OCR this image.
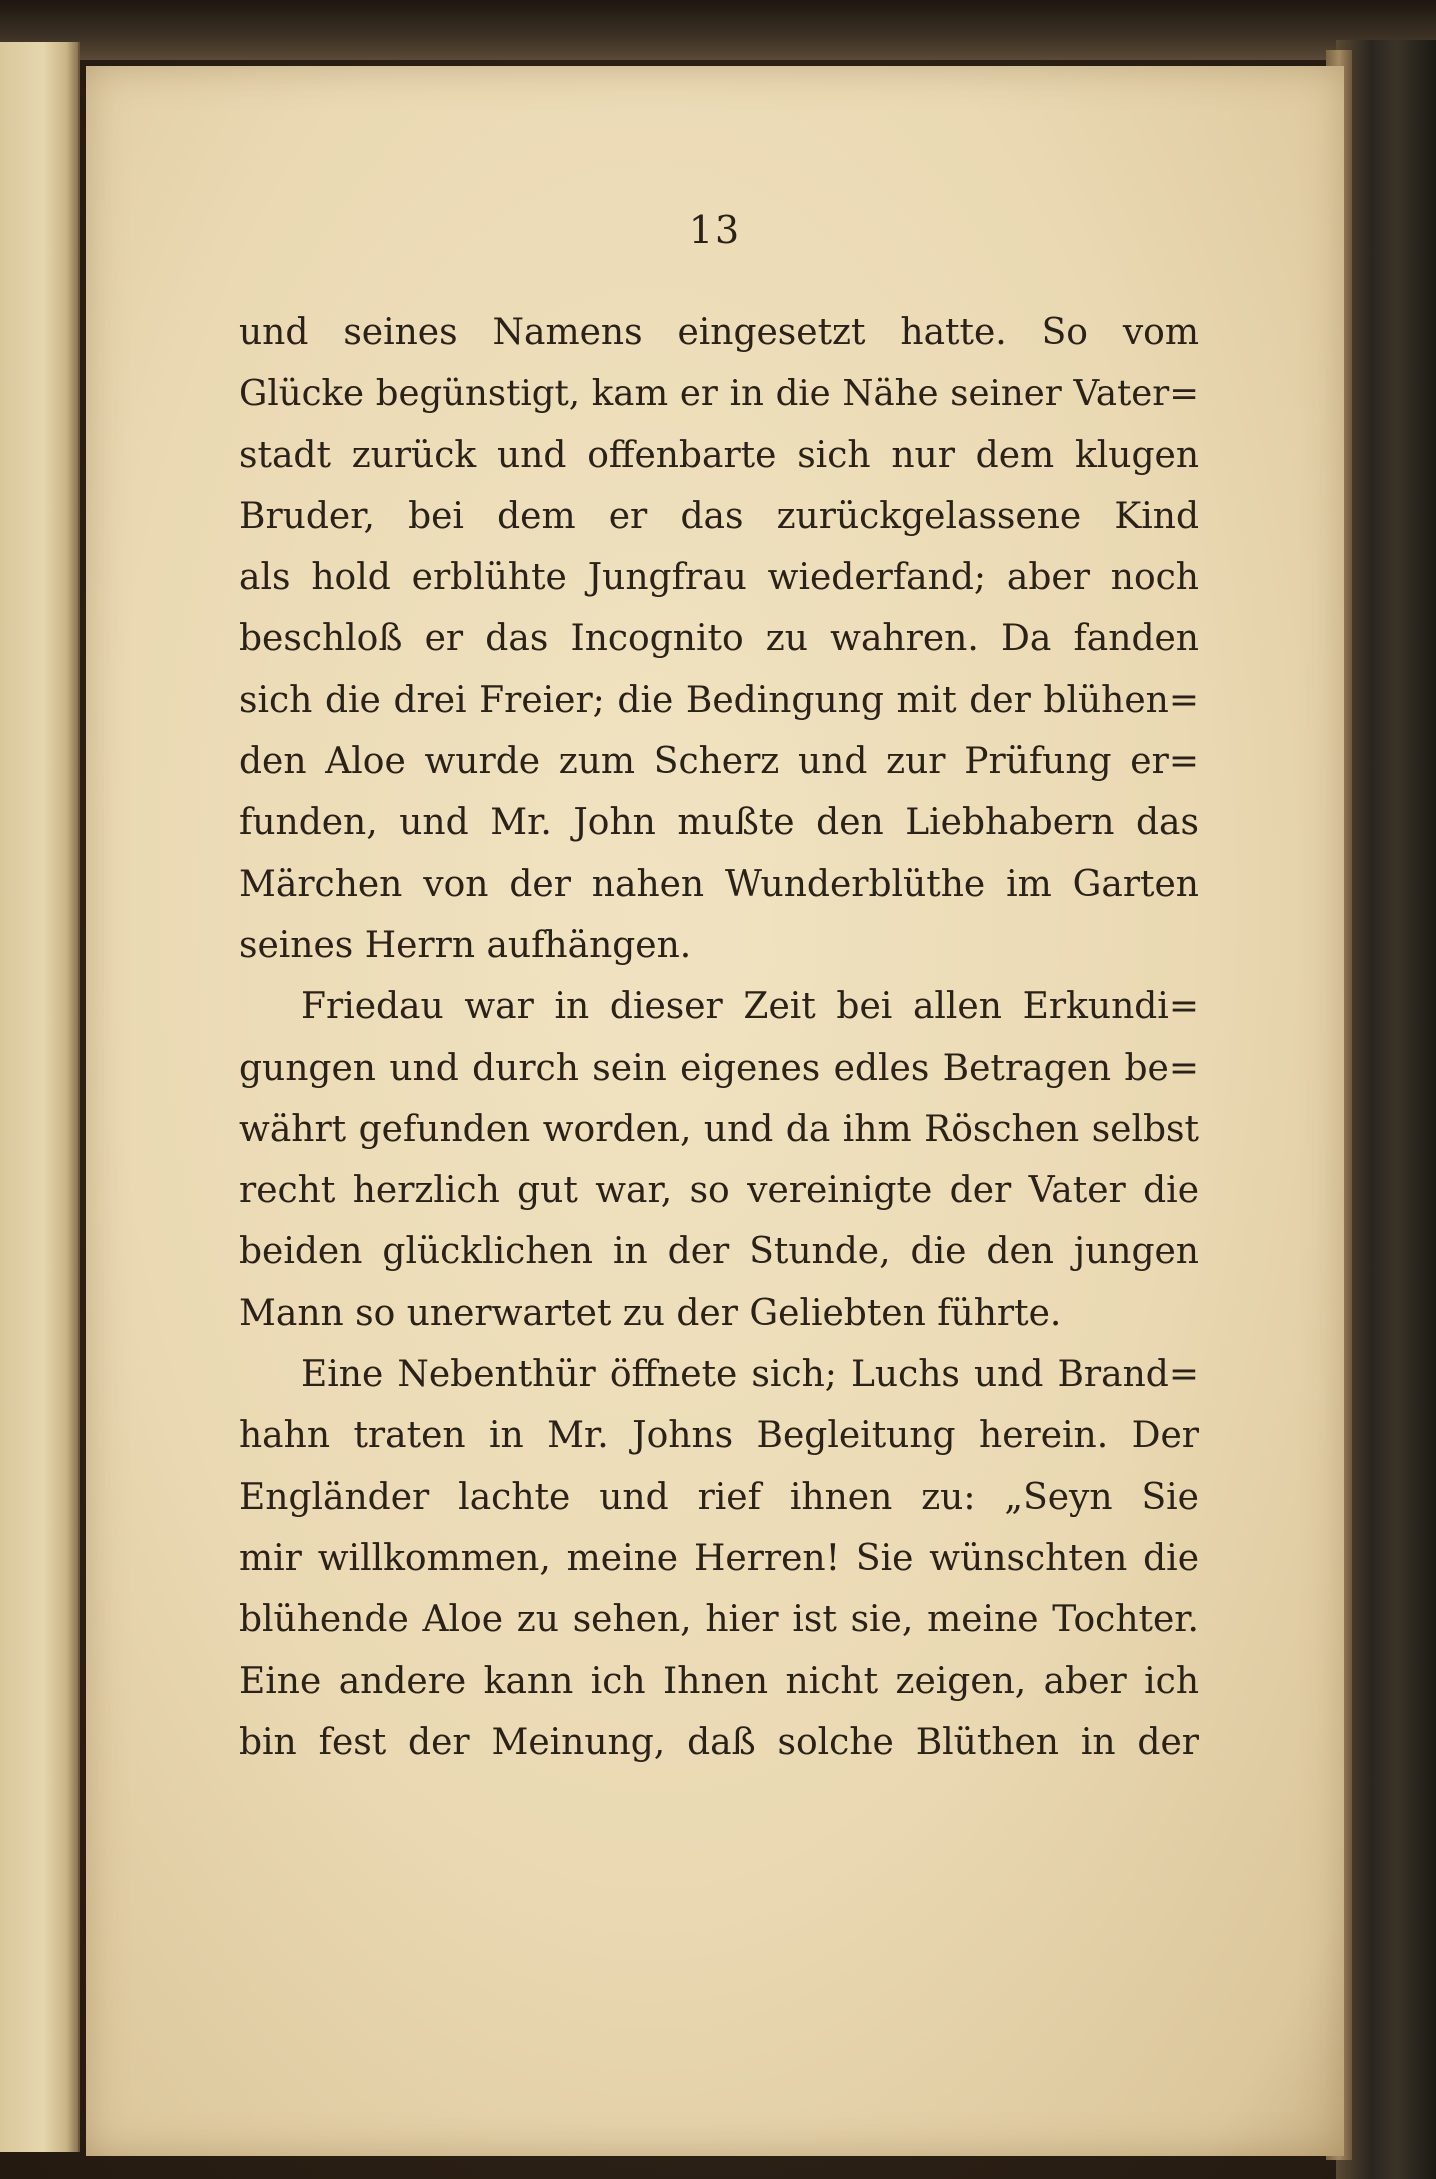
13
und seines Namens eingesetzt hatte. So vom
Glücke begünstigt, kam er in die Nähe seiner Vater=
stadt zurück und offenbarte sich nur dem klugen
Bruder, bei dem er das zurückgelassene Kind
als hold erblühte Jungfrau wiederfand; aber noch
beschloß er das Incognito zu wahren. Da fanden
sich die drei Freier; die Bedingung mit der blühen=
den Aloe wurde zum Scherz und zur Prüfung er=
funden, und Mr. John mußte den Liebhabern das
Märchen von der nahen Wunderblüthe im Garten
seines Herrn aufhängen.
Friedau war in dieser Zeit bei allen Erkundi=
gungen und durch sein eigenes edles Betragen be=
währt gefunden worden, und da ihm Röschen selbst
recht herzlich gut war, so vereinigte der Vater die
beiden glücklichen in der Stunde, die den jungen
Mann so unerwartet zu der Geliebten führte.
Eine Nebenthür öffnete sich; Luchs und Brand=
hahn traten in Mr. Johns Begleitung herein. Der
Engländer lachte und rief ihnen zu: „Seyn Sie
mir willkommen, meine Herren! Sie wünschten die
blühende Aloe zu sehen, hier ist sie, meine Tochter.
Eine andere kann ich Ihnen nicht zeigen, aber ich
bin fest der Meinung, daß solche Blüthen in der
